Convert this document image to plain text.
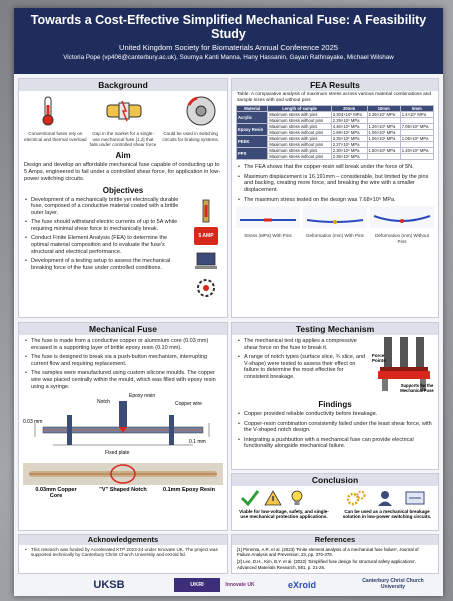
Towards a Cost-Effective Simplified Mechanical Fuse: A Feasibility Study
United Kingdom Society for Biomaterials Annual Conference 2025
Victoria Pope (vp406@canterbury.ac.uk), Soumya Kanti Manna, Hany Hassanin, Gayan Rathnayake, Michael Wilshaw
Background
Conventional fuses rely on electrical and thermal overload
Gap in the market for a single-use mechanical fuse [1,2] that fails under controlled shear force
Could be used in switching circuits for braking systems.
Aim
Design and develop an affordable mechanical fuse capable of conducting up to 5 Amps, engineered to fail under a controlled shear force, for application in low-power switching circuits.
Objectives
• Development of a mechanically brittle yet electrically durable fuse, composed of a conductive material coated with a brittle outer layer.
• The fuse should withstand electric currents of up to 5A while requiring minimal shear force to mechanically break.
• Conduct Finite Element Analysis (FEA) to determine the optimal material composition and to evaluate the fuse's structural and electrical performance.
• Development of a testing setup to assess the mechanical breaking force of the fuse under controlled conditions.
5 AMP
FEA Results
Table: A comparative analysis of maximum stress across various material combinations and sample sizes with and without pins
Material	Length of sample	20mm	10mm	5mm
Acrylic	Maximum stress with pins	3.304×10⁶ MPa	2.36×10⁷ MPa	1.4×10⁷ MPa
	Maximum stress without pins	2.29×10⁶ MPa		
Epoxy Resin	Maximum stress with pins	4.46×10⁶ MPa	1.26×10⁶ MPa	7.06×10⁶ MPa
	Maximum stress without pins	1.69×10⁶ MPa	1.06×10⁶ MPa	
PEEK	Maximum stress with pins	3.35×10⁶ MPa	1.06×10⁶ MPa	1.06×10⁶ MPa
	Maximum stress without pins	2.27×10⁶ MPa		
PPS	Maximum stress with pins	2.30×10⁶ MPa	1.50×10⁶ MPa	1.20×10⁶ MPa
	Maximum stress without pins	2.36×10⁶ MPa		
• The FEA shows that the copper-resin will break under the force of 5N.
• Maximum displacement is 16.191mm – considerable, but limited by the pins and backing, creating more force, and breaking the wire with a smaller displacement.
• The maximum stress tested on the design was 7.68×10⁶ MPa.
Stress (MPa) With Pins	Deformation (mm) With Pins	Deformation (mm) Without Pins
Mechanical Fuse
• The fuse is made from a conductive copper or aluminium core (0.03 mm) encased in a supporting layer of brittle epoxy resin (0.10 mm).
• The fuse is designed to break via a push-button mechanism, interrupting current flow and requiring replacement.
• The samples were manufactured using custom silicone moulds. The copper wire was placed centrally within the mould, which was filled with epoxy resin using a syringe.
Notch
Epoxy resin
Copper wire
0.03 mm
0.1 mm
Fixed plate
0.03mm Copper Core
"V" Shaped Notch	0.1mm Epoxy Resin
Testing Mechanism
• The mechanical test rig applies a compressive shear force on the fuse to break it.
• A range of notch types (surface slice, ¾ slice, and V-shape) were tested to assess their effect on failure to determine the most effective for consistent breakage.
Force Points
Supports for the Mechanical Fuse
Findings
• Copper provided reliable conductivity before breakage.
• Copper-resin combination consistently failed under the least shear force, with the V-shaped notch design.
• Integrating a pushbutton with a mechanical fuse can provide electrical functionality alongside mechanical failure.
Conclusion
Viable for low-voltage, safety, and single-use mechanical protection applications.
Can be used as a mechanical breakage solution in low-power switching circuits.
Acknowledgements
• This research was funded by Accelerated KTP 2023-24 under Innovate UK. The project was supported technically by Canterbury Christ Church University and eXroid ltd.
References
[1] Pimenta, A.R. et al. (2023) 'Finite element analysis of a mechanical fuse failure', Journal of Failure Analysis and Prevention, 23, pp. 370-378.
[2] Lee, D.H., Kim, B.Y. et al. (2022) 'Simplified fuse design for structural safety applications', Advanced Materials Research, 591, p. 21-26.
UKSB	UKRI	Innovate UK	eXroid	Canterbury Christ Church University
